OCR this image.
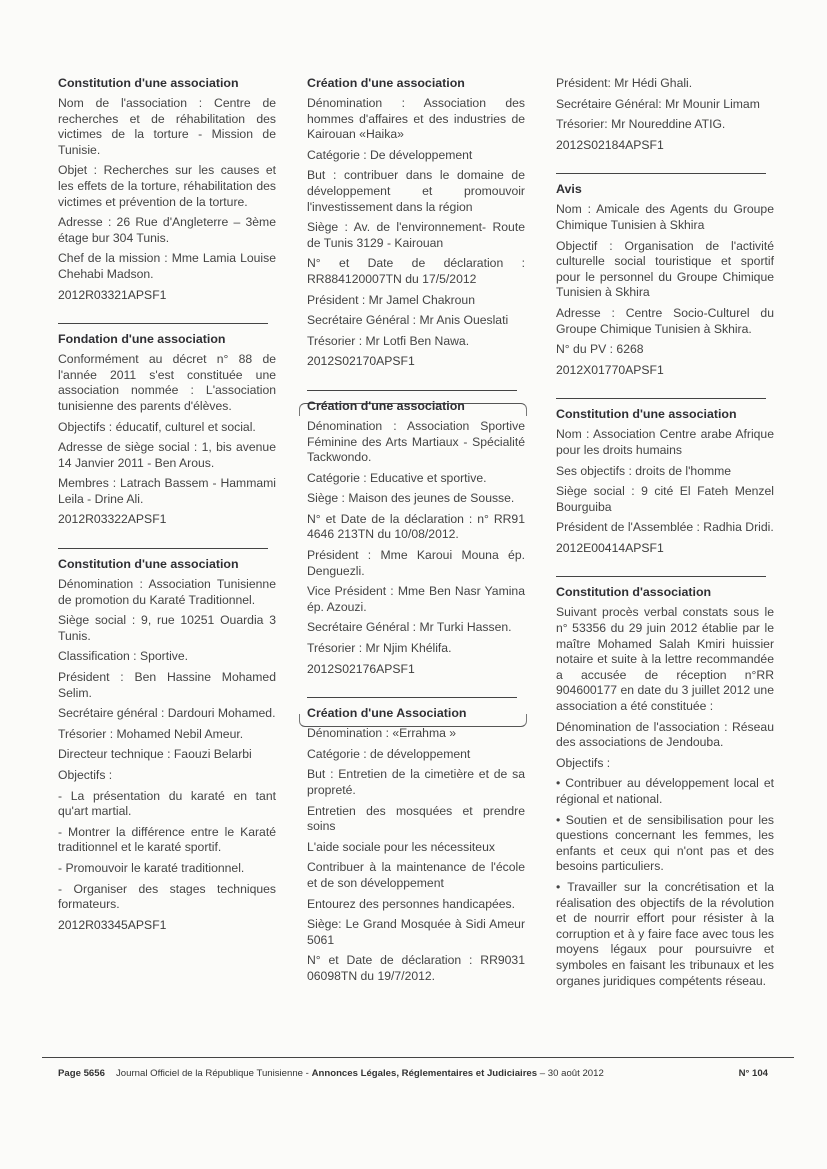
Constitution d'une association
Nom de l'association : Centre de recherches et de réhabilitation des victimes de la torture - Mission de Tunisie.
Objet : Recherches sur les causes et les effets de la torture, réhabilitation des victimes et prévention de la torture.
Adresse : 26 Rue d'Angleterre – 3ème étage bur 304 Tunis.
Chef de la mission : Mme Lamia Louise Chehabi Madson.
2012R03321APSF1
Fondation d'une association
Conformément au décret n° 88 de l'année 2011 s'est constituée une association nommée : L'association tunisienne des parents d'élèves.
Objectifs : éducatif, culturel et social.
Adresse de siège social : 1, bis avenue 14 Janvier 2011 - Ben Arous.
Membres : Latrach Bassem - Hammami Leila - Drine Ali.
2012R03322APSF1
Constitution d'une association
Dénomination : Association Tunisienne de promotion du Karaté Traditionnel.
Siège social : 9, rue 10251 Ouardia 3 Tunis.
Classification : Sportive.
Président : Ben Hassine Mohamed Selim.
Secrétaire général : Dardouri Mohamed.
Trésorier : Mohamed Nebil Ameur.
Directeur technique : Faouzi Belarbi
Objectifs :
- La présentation du karaté en tant qu'art martial.
- Montrer la différence entre le Karaté traditionnel et le karaté sportif.
- Promouvoir le karaté traditionnel.
- Organiser des stages techniques formateurs.
2012R03345APSF1
Création d'une association
Dénomination : Association des hommes d'affaires et des industries de Kairouan «Haika»
Catégorie : De développement
But : contribuer dans le domaine de développement et promouvoir l'investissement dans la région
Siège : Av. de l'environnement- Route de Tunis 3129 - Kairouan
N° et Date de déclaration : RR884120007TN du 17/5/2012
Président : Mr Jamel Chakroun
Secrétaire Général : Mr Anis Oueslati
Trésorier : Mr Lotfi Ben Nawa.
2012S02170APSF1
Création d'une association
Dénomination : Association Sportive Féminine des Arts Martiaux - Spécialité Tackwondo.
Catégorie : Educative et sportive.
Siège : Maison des jeunes de Sousse.
N° et Date de la déclaration : n° RR91 4646 213TN du 10/08/2012.
Président : Mme Karoui Mouna ép. Denguezli.
Vice Président : Mme Ben Nasr Yamina ép. Azouzi.
Secrétaire Général : Mr Turki Hassen.
Trésorier : Mr Njim Khélifa.
2012S02176APSF1
Création d'une Association
Dénomination : «Errahma »
Catégorie : de développement
But : Entretien de la cimetière et de sa propreté.
Entretien des mosquées et prendre soins
L'aide sociale pour les nécessiteux
Contribuer à la maintenance de l'école et de son développement
Entourez des personnes handicapées.
Siège: Le Grand Mosquée à Sidi Ameur 5061
N° et Date de déclaration : RR9031 06098TN du 19/7/2012.
Président: Mr Hédi Ghali.
Secrétaire Général: Mr Mounir Limam
Trésorier: Mr Noureddine ATIG.
2012S02184APSF1
Avis
Nom : Amicale des Agents du Groupe Chimique Tunisien à Skhira
Objectif : Organisation de l'activité culturelle social touristique et sportif pour le personnel du Groupe Chimique Tunisien à Skhira
Adresse : Centre Socio-Culturel du Groupe Chimique Tunisien à Skhira.
N° du PV : 6268
2012X01770APSF1
Constitution d'une association
Nom : Association Centre arabe Afrique pour les droits humains
Ses objectifs : droits de l'homme
Siège social : 9 cité El Fateh Menzel Bourguiba
Président de l'Assemblée : Radhia Dridi.
2012E00414APSF1
Constitution d'association
Suivant procès verbal constats sous le n° 53356 du 29 juin 2012 établie par le maître Mohamed Salah Kmiri huissier notaire et suite à la lettre recommandée a accusée de réception n°RR 904600177 en date du 3 juillet 2012 une association a été constituée :
Dénomination de l'association : Réseau des associations de Jendouba.
Objectifs :
• Contribuer au développement local et régional et national.
• Soutien et de sensibilisation pour les questions concernant les femmes, les enfants et ceux qui n'ont pas et des besoins particuliers.
• Travailler sur la concrétisation et la réalisation des objectifs de la révolution et de nourrir effort pour résister à la corruption et à y faire face avec tous les moyens légaux pour poursuivre et symboles en faisant les tribunaux et les organes juridiques compétents réseau.
Page 5656 Journal Officiel de la République Tunisienne - Annonces Légales, Réglementaires et Judiciaires – 30 août 2012	N° 104
